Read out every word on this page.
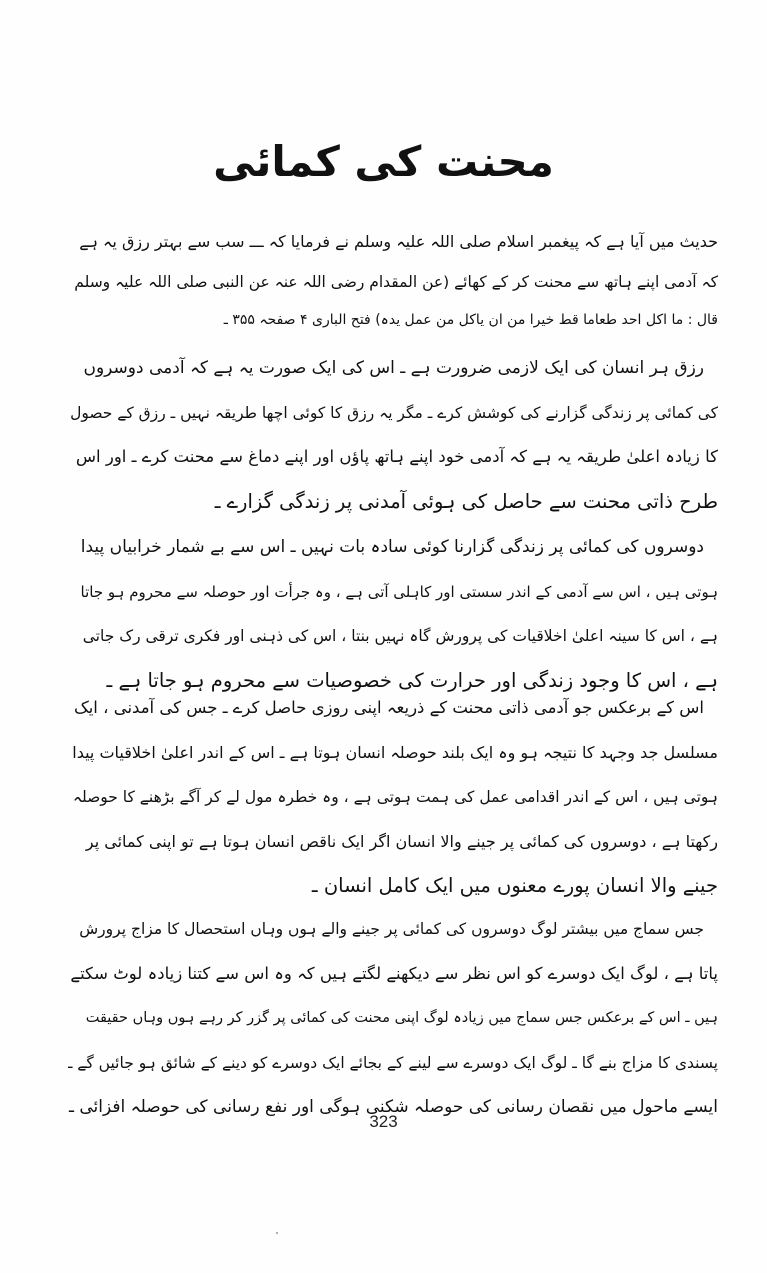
محنت کی کمائی
حدیث میں آیا ہے کہ پیغمبر اسلام صلی اللہ علیہ وسلم نے فرمایا کہ ـــ سب سے بہتر رزق یہ ہے
کہ آدمی اپنے ہاتھ سے محنت کر کے کھائے (عن المقدام رضی اللہ عنہ عن النبی صلی اللہ علیہ وسلم
قال : ما اکل احد طعاما قط خیرا من ان یاکل من عمل یدہ) فتح الباری ۴ صفحہ ۳۵۵ ـ
رزق ہر انسان کی ایک لازمی ضرورت ہے ـ اس کی ایک صورت یہ ہے کہ آدمی دوسروں
کی کمائی پر زندگی گزارنے کی کوشش کرے ـ مگر یہ رزق کا کوئی اچھا طریقہ نہیں ـ رزق کے حصول
کا زیادہ اعلیٰ طریقہ یہ ہے کہ آدمی خود اپنے ہاتھ پاؤں اور اپنے دماغ سے محنت کرے ـ اور اس
طرح ذاتی محنت سے حاصل کی ہوئی آمدنی پر زندگی گزارے ـ
دوسروں کی کمائی پر زندگی گزارنا کوئی سادہ بات نہیں ـ اس سے بے شمار خرابیاں پیدا
ہوتی ہیں ، اس سے آدمی کے اندر سستی اور کاہلی آتی ہے ، وہ جرأت اور حوصلہ سے محروم ہو جاتا
ہے ، اس کا سینہ اعلیٰ اخلاقیات کی پرورش گاہ نہیں بنتا ، اس کی ذہنی اور فکری ترقی رک جاتی
ہے ، اس کا وجود زندگی اور حرارت کی خصوصیات سے محروم ہو جاتا ہے ـ
اس کے برعکس جو آدمی ذاتی محنت کے ذریعہ اپنی روزی حاصل کرے ـ جس کی آمدنی ، ایک
مسلسل جد وجہد کا نتیجہ ہو وہ ایک بلند حوصلہ انسان ہوتا ہے ـ اس کے اندر اعلیٰ اخلاقیات پیدا
ہوتی ہیں ، اس کے اندر اقدامی عمل کی ہمت ہوتی ہے ، وہ خطرہ مول لے کر آگے بڑھنے کا حوصلہ
رکھتا ہے ، دوسروں کی کمائی پر جینے والا انسان اگر ایک ناقص انسان ہوتا ہے تو اپنی کمائی پر
جینے والا انسان پورے معنوں میں ایک کامل انسان ـ
جس سماج میں بیشتر لوگ دوسروں کی کمائی پر جینے والے ہوں وہاں استحصال کا مزاج پرورش
پاتا ہے ، لوگ ایک دوسرے کو اس نظر سے دیکھنے لگتے ہیں کہ وہ اس سے کتنا زیادہ لوٹ سکتے
ہیں ـ اس کے برعکس جس سماج میں زیادہ لوگ اپنی محنت کی کمائی پر گزر کر رہے ہوں وہاں حقیقت
پسندی کا مزاج بنے گا ـ لوگ ایک دوسرے سے لینے کے بجائے ایک دوسرے کو دینے کے شائق ہو جائیں گے ـ
ایسے ماحول میں نقصان رسانی کی حوصلہ شکنی ہوگی اور نفع رسانی کی حوصلہ افزائی ـ
323
